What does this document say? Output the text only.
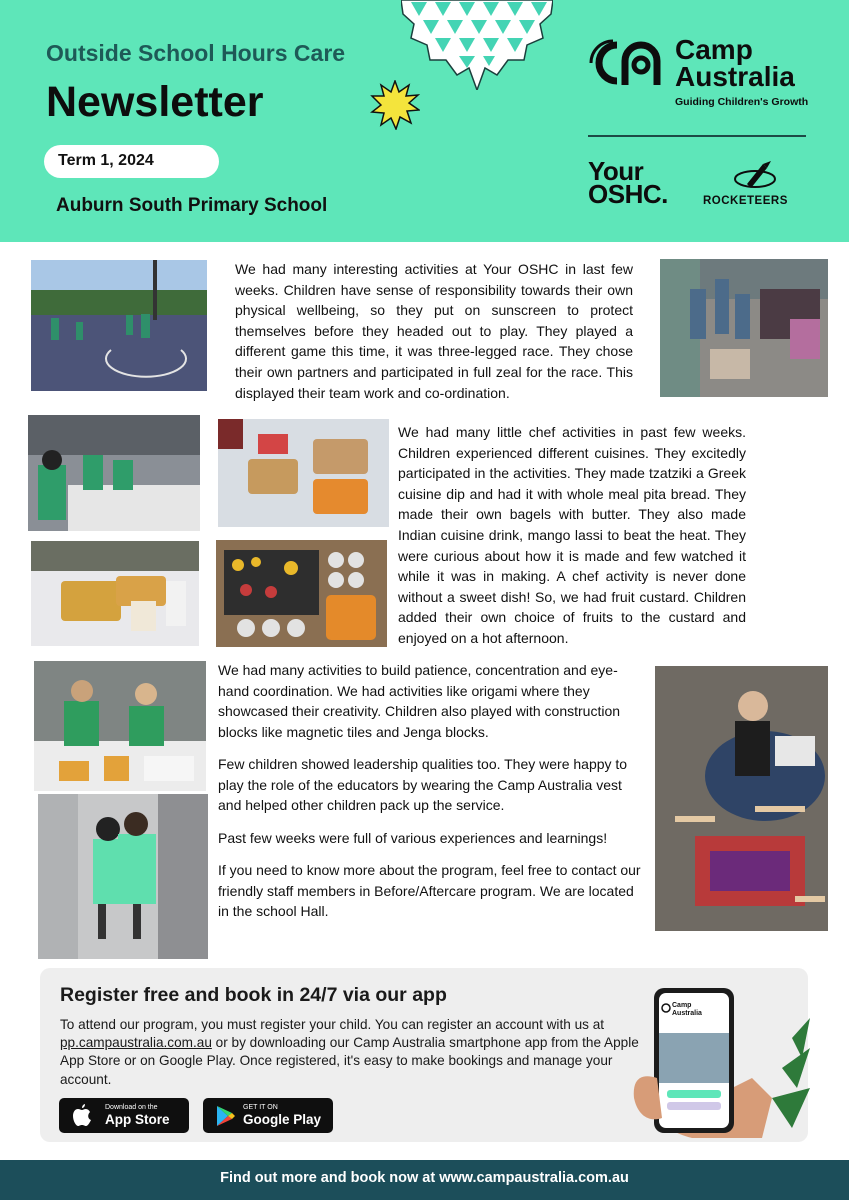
Outside School Hours Care
Newsletter
Term 1, 2024
Auburn South Primary School
Camp
Australia
Guiding Children's Growth
Your
OSHC.	ROCKETEERS
We had many interesting activities at Your OSHC in last few weeks. Children have sense of responsibility towards their own physical wellbeing, so they put on sunscreen to protect themselves before they headed out to play. They played a different game this time, it was three-legged race. They chose their own partners and participated in full zeal for the race. This displayed their team work and co-ordination.
We had many little chef activities in past few weeks. Children experienced different cuisines. They excitedly participated in the activities. They made tzatziki a Greek cuisine dip and had it with whole meal pita bread. They made their own bagels with butter. They also made Indian cuisine drink, mango lassi to beat the heat. They were curious about how it is made and few watched it while it was in making. A chef activity is never done without a sweet dish! So, we had fruit custard. Children added their own choice of fruits to the custard and enjoyed on a hot afternoon.
We had many activities to build patience, concentration and eye-hand coordination. We had activities like origami where they showcased their creativity. Children also played with construction blocks like magnetic tiles and Jenga blocks.
Few children showed leadership qualities too. They were happy to play the role of the educators by wearing the Camp Australia vest and helped other children pack up the service.
Past few weeks were full of various experiences and learnings!
If you need to know more about the program, feel free to contact our friendly staff members in Before/Aftercare program. We are located in the school Hall.
Register free and book in 24/7 via our app
To attend our program, you must register your child. You can register an account with us at pp.campaustralia.com.au or by downloading our Camp Australia smartphone app from the Apple App Store or on Google Play. Once registered, it's easy to make bookings and manage your account.
Download on the
App Store
GET IT ON
Google Play
Camp
Australia
Find out more and book now at www.campaustralia.com.au
